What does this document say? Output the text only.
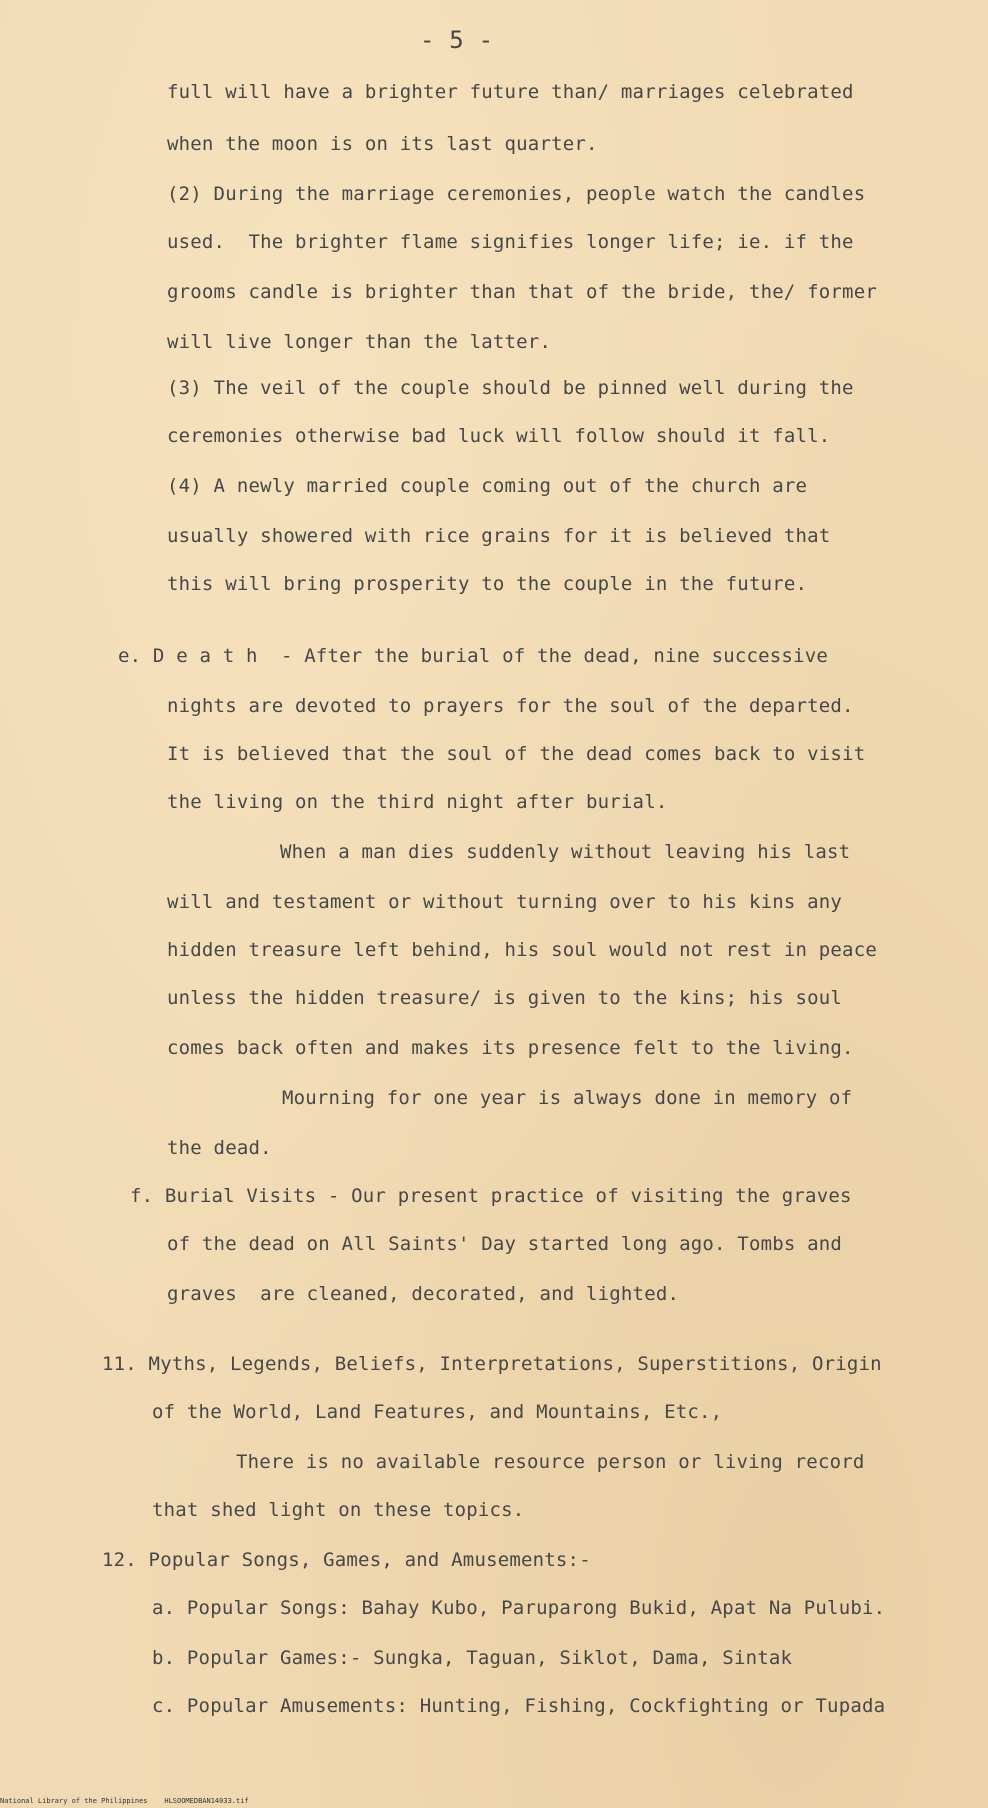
- 5 -
full will have a brighter future than/ marriages celebrated
when the moon is on its last quarter.
(2) During the marriage ceremonies, people watch the candles
used.  The brighter flame signifies longer life; ie. if the
grooms candle is brighter than that of the bride, the/ former
will live longer than the latter.
(3) The veil of the couple should be pinned well during the
ceremonies otherwise bad luck will follow should it fall.
(4) A newly married couple coming out of the church are
usually showered with rice grains for it is believed that
this will bring prosperity to the couple in the future.
e. D e a t h  - After the burial of the dead, nine successive
nights are devoted to prayers for the soul of the departed.
It is believed that the soul of the dead comes back to visit
the living on the third night after burial.
When a man dies suddenly without leaving his last
will and testament or without turning over to his kins any
hidden treasure left behind, his soul would not rest in peace
unless the hidden treasure/ is given to the kins; his soul
comes back often and makes its presence felt to the living.
Mourning for one year is always done in memory of
the dead.
f. Burial Visits - Our present practice of visiting the graves
of the dead on All Saints' Day started long ago. Tombs and
graves  are cleaned, decorated, and lighted.
11. Myths, Legends, Beliefs, Interpretations, Superstitions, Origin
of the World, Land Features, and Mountains, Etc.,
There is no available resource person or living record
that shed light on these topics.
12. Popular Songs, Games, and Amusements:-
a. Popular Songs: Bahay Kubo, Paruparong Bukid, Apat Na Pulubi.
b. Popular Games:- Sungka, Taguan, Siklot, Dama, Sintak
c. Popular Amusements: Hunting, Fishing, Cockfighting or Tupada
National Library of the Philippines    HLSOOMEDBAN14033.tif
